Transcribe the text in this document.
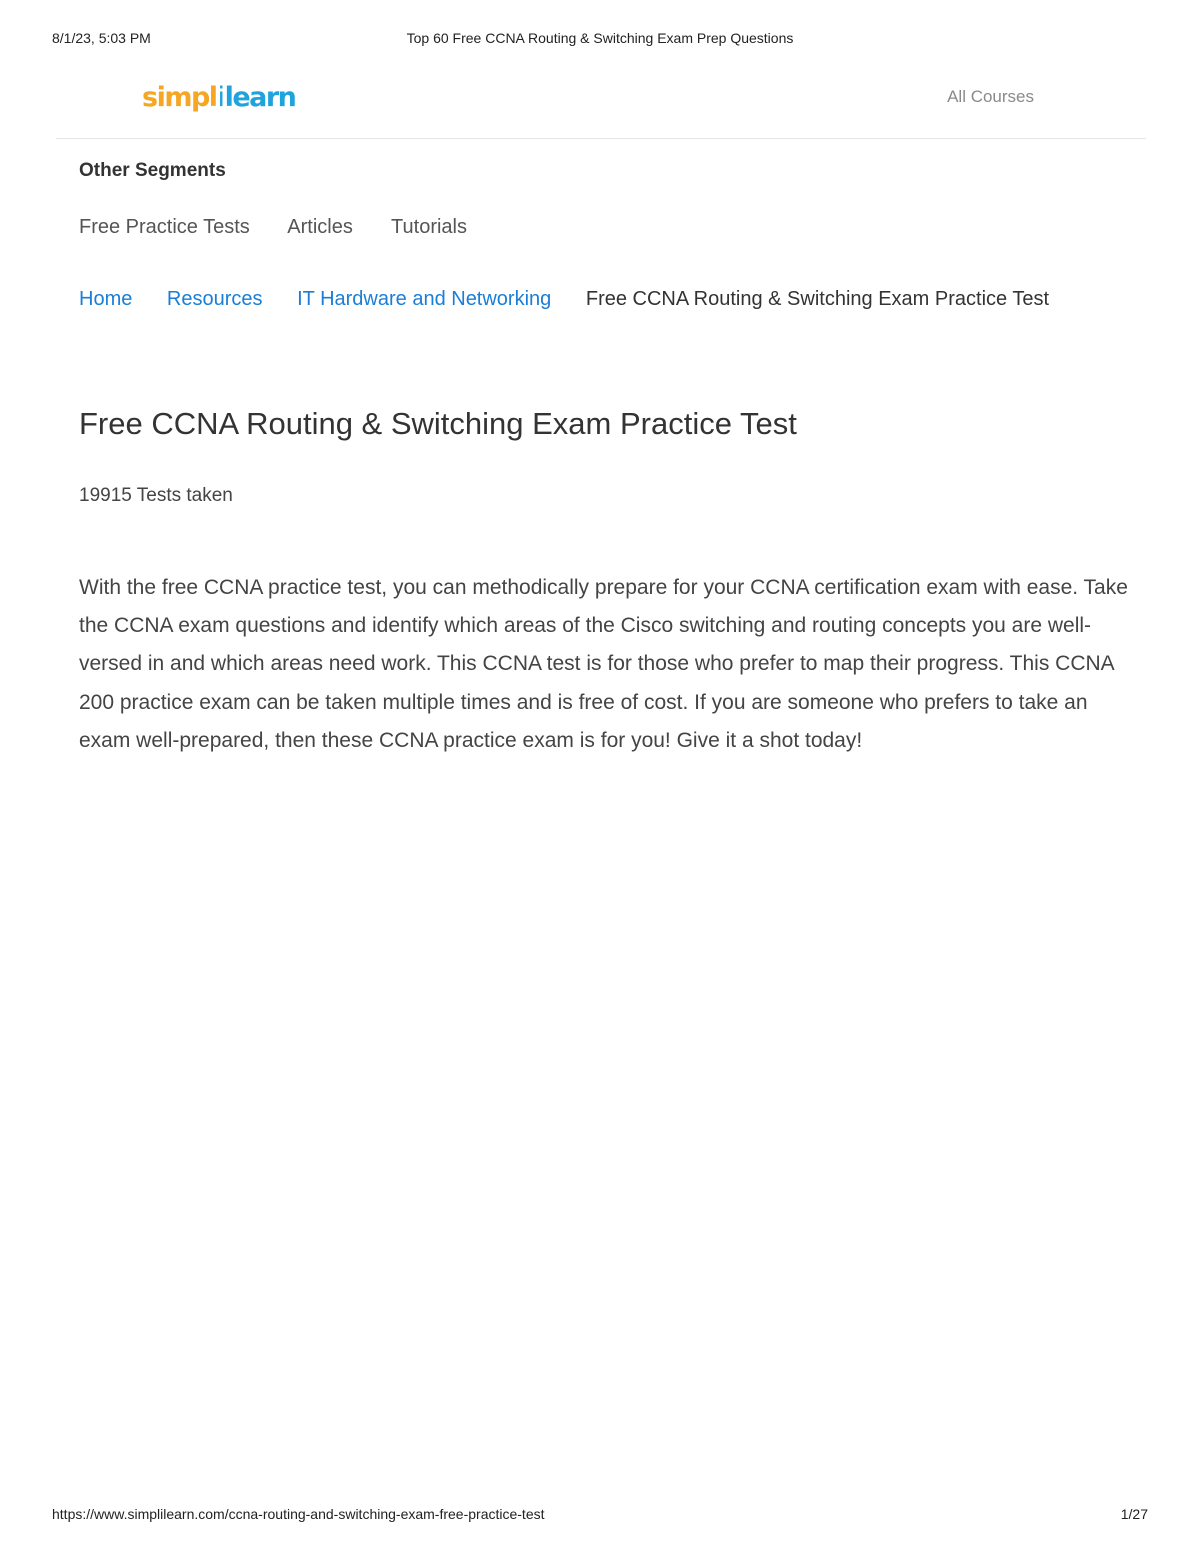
8/1/23, 5:03 PM	Top 60 Free CCNA Routing & Switching Exam Prep Questions
simplilearn	All Courses
Other Segments
Free Practice Tests Articles Tutorials
Home Resources IT Hardware and Networking Free CCNA Routing & Switching Exam Practice Test
Free CCNA Routing & Switching Exam Practice Test
19915 Tests taken

With the free CCNA practice test, you can methodically prepare for your CCNA certification exam with ease. Take the CCNA exam questions and identify which areas of the Cisco switching and routing concepts you are well-versed in and which areas need work. This CCNA test is for those who prefer to map their progress. This CCNA 200 practice exam can be taken multiple times and is free of cost. If you are someone who prefers to take an exam well-prepared, then these CCNA practice exam is for you! Give it a shot today!

https://www.simplilearn.com/ccna-routing-and-switching-exam-free-practice-test	1/27
